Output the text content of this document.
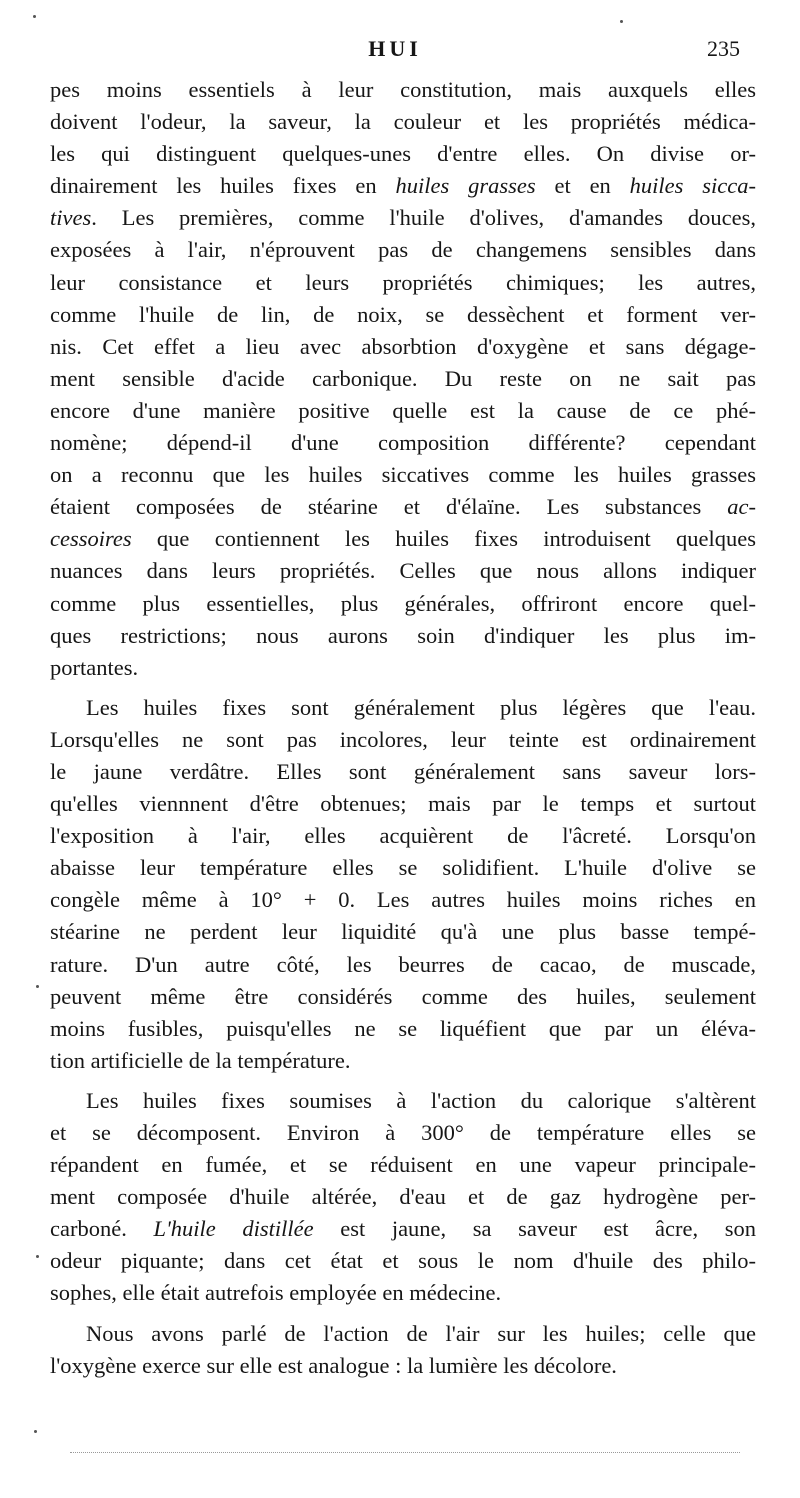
HUI	235
pes moins essentiels à leur constitution, mais auxquels elles
doivent l'odeur, la saveur, la couleur et les propriétés médica-
les qui distinguent quelques-unes d'entre elles. On divise or-
dinairement les huiles fixes en huiles grasses et en huiles sicca-
tives. Les premières, comme l'huile d'olives, d'amandes douces,
exposées à l'air, n'éprouvent pas de changemens sensibles dans
leur consistance et leurs propriétés chimiques; les autres,
comme l'huile de lin, de noix, se dessèchent et forment ver-
nis. Cet effet a lieu avec absorbtion d'oxygène et sans dégage-
ment sensible d'acide carbonique. Du reste on ne sait pas
encore d'une manière positive quelle est la cause de ce phé-
nomène; dépend-il d'une composition différente? cependant
on a reconnu que les huiles siccatives comme les huiles grasses
étaient composées de stéarine et d'élaïne. Les substances ac-
cessoires que contiennent les huiles fixes introduisent quelques
nuances dans leurs propriétés. Celles que nous allons indiquer
comme plus essentielles, plus générales, offriront encore quel-
ques restrictions; nous aurons soin d'indiquer les plus im-
portantes.
Les huiles fixes sont généralement plus légères que l'eau.
Lorsqu'elles ne sont pas incolores, leur teinte est ordinairement
le jaune verdâtre. Elles sont généralement sans saveur lors-
qu'elles viennnent d'être obtenues; mais par le temps et surtout
l'exposition à l'air, elles acquièrent de l'âcreté. Lorsqu'on
abaisse leur température elles se solidifient. L'huile d'olive se
congèle même à 10° + 0. Les autres huiles moins riches en
stéarine ne perdent leur liquidité qu'à une plus basse tempé-
rature. D'un autre côté, les beurres de cacao, de muscade,
peuvent même être considérés comme des huiles, seulement
moins fusibles, puisqu'elles ne se liquéfient que par un éléva-
tion artificielle de la température.
Les huiles fixes soumises à l'action du calorique s'altèrent
et se décomposent. Environ à 300° de température elles se
répandent en fumée, et se réduisent en une vapeur principale-
ment composée d'huile altérée, d'eau et de gaz hydrogène per-
carboné. L'huile distillée est jaune, sa saveur est âcre, son
odeur piquante; dans cet état et sous le nom d'huile des philo-
sophes, elle était autrefois employée en médecine.
Nous avons parlé de l'action de l'air sur les huiles; celle que
l'oxygène exerce sur elle est analogue : la lumière les décolore.
